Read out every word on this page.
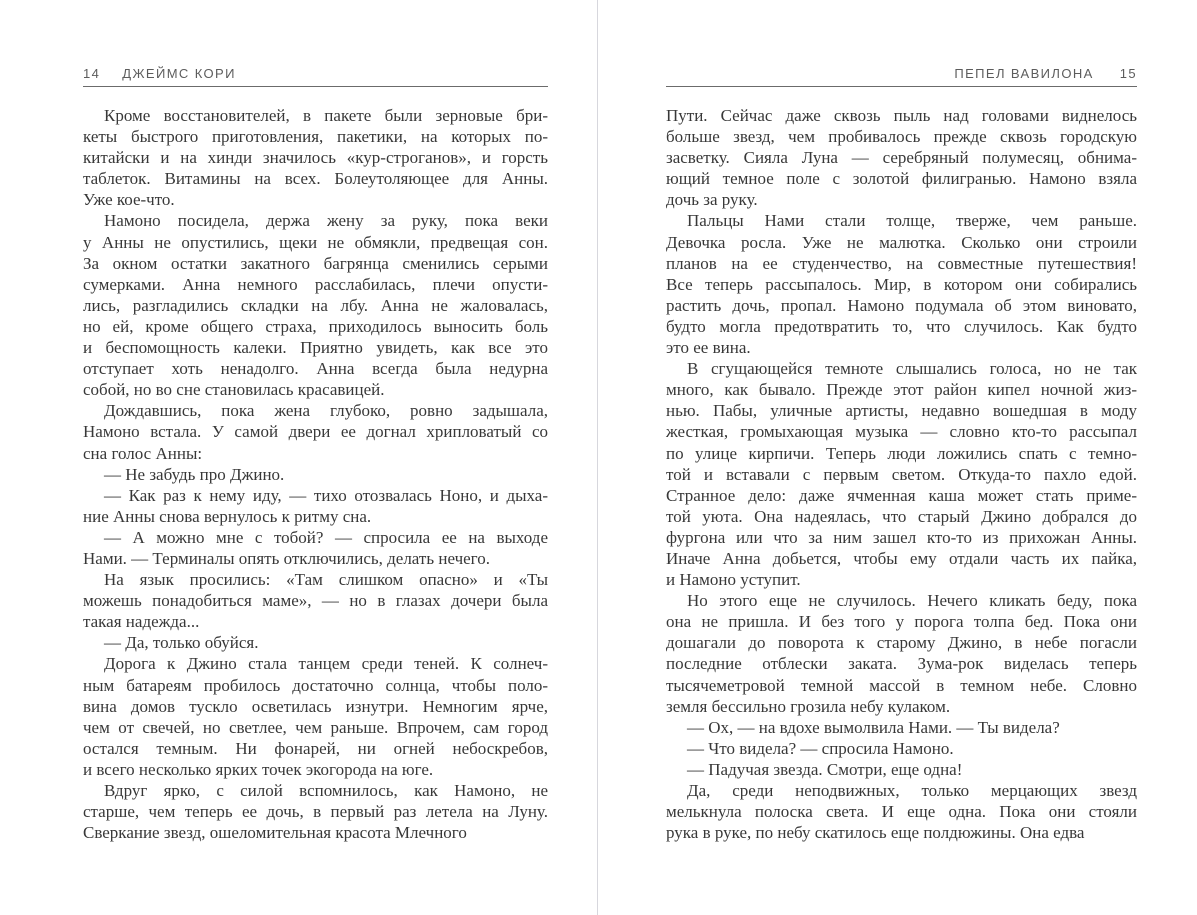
14 ДЖЕЙМС КОРИ
Кроме восстановителей, в пакете были зерновые бри-
кеты быстрого приготовления, пакетики, на которых по-
китайски и на хинди значилось «кур-строганов», и горсть
таблеток. Витамины на всех. Болеутоляющее для Анны.
Уже кое-что.
Намоно посидела, держа жену за руку, пока веки
у Анны не опустились, щеки не обмякли, предвещая сон.
За окном остатки закатного багрянца сменились серыми
сумерками. Анна немного расслабилась, плечи опусти-
лись, разгладились складки на лбу. Анна не жаловалась,
но ей, кроме общего страха, приходилось выносить боль
и беспомощность калеки. Приятно увидеть, как все это
отступает хоть ненадолго. Анна всегда была недурна
собой, но во сне становилась красавицей.
Дождавшись, пока жена глубоко, ровно задышала,
Намоно встала. У самой двери ее догнал хрипловатый со
сна голос Анны:
— Не забудь про Джино.
— Как раз к нему иду, — тихо отозвалась Ноно, и дыха-
ние Анны снова вернулось к ритму сна.
— А можно мне с тобой? — спросила ее на выходе
Нами. — Терминалы опять отключились, делать нечего.
На язык просились: «Там слишком опасно» и «Ты
можешь понадобиться маме», — но в глазах дочери была
такая надежда...
— Да, только обуйся.
Дорога к Джино стала танцем среди теней. К солнеч-
ным батареям пробилось достаточно солнца, чтобы поло-
вина домов тускло осветилась изнутри. Немногим ярче,
чем от свечей, но светлее, чем раньше. Впрочем, сам город
остался темным. Ни фонарей, ни огней небоскребов,
и всего несколько ярких точек экогорода на юге.
Вдруг ярко, с силой вспомнилось, как Намоно, не
старше, чем теперь ее дочь, в первый раз летела на Луну.
Сверкание звезд, ошеломительная красота Млечного
ПЕПЕЛ ВАВИЛОНА 15
Пути. Сейчас даже сквозь пыль над головами виднелось
больше звезд, чем пробивалось прежде сквозь городскую
засветку. Сияла Луна — серебряный полумесяц, обнима-
ющий темное поле с золотой филигранью. Намоно взяла
дочь за руку.
Пальцы Нами стали толще, тверже, чем раньше.
Девочка росла. Уже не малютка. Сколько они строили
планов на ее студенчество, на совместные путешествия!
Все теперь рассыпалось. Мир, в котором они собирались
растить дочь, пропал. Намоно подумала об этом виновато,
будто могла предотвратить то, что случилось. Как будто
это ее вина.
В сгущающейся темноте слышались голоса, но не так
много, как бывало. Прежде этот район кипел ночной жиз-
нью. Пабы, уличные артисты, недавно вошедшая в моду
жесткая, громыхающая музыка — словно кто-то рассыпал
по улице кирпичи. Теперь люди ложились спать с темно-
той и вставали с первым светом. Откуда-то пахло едой.
Странное дело: даже ячменная каша может стать приме-
той уюта. Она надеялась, что старый Джино добрался до
фургона или что за ним зашел кто-то из прихожан Анны.
Иначе Анна добьется, чтобы ему отдали часть их пайка,
и Намоно уступит.
Но этого еще не случилось. Нечего кликать беду, пока
она не пришла. И без того у порога толпа бед. Пока они
дошагали до поворота к старому Джино, в небе погасли
последние отблески заката. Зума-рок виделась теперь
тысячеметровой темной массой в темном небе. Словно
земля бессильно грозила небу кулаком.
— Ох, — на вдохе вымолвила Нами. — Ты видела?
— Что видела? — спросила Намоно.
— Падучая звезда. Смотри, еще одна!
Да, среди неподвижных, только мерцающих звезд
мелькнула полоска света. И еще одна. Пока они стояли
рука в руке, по небу скатилось еще полдюжины. Она едва
